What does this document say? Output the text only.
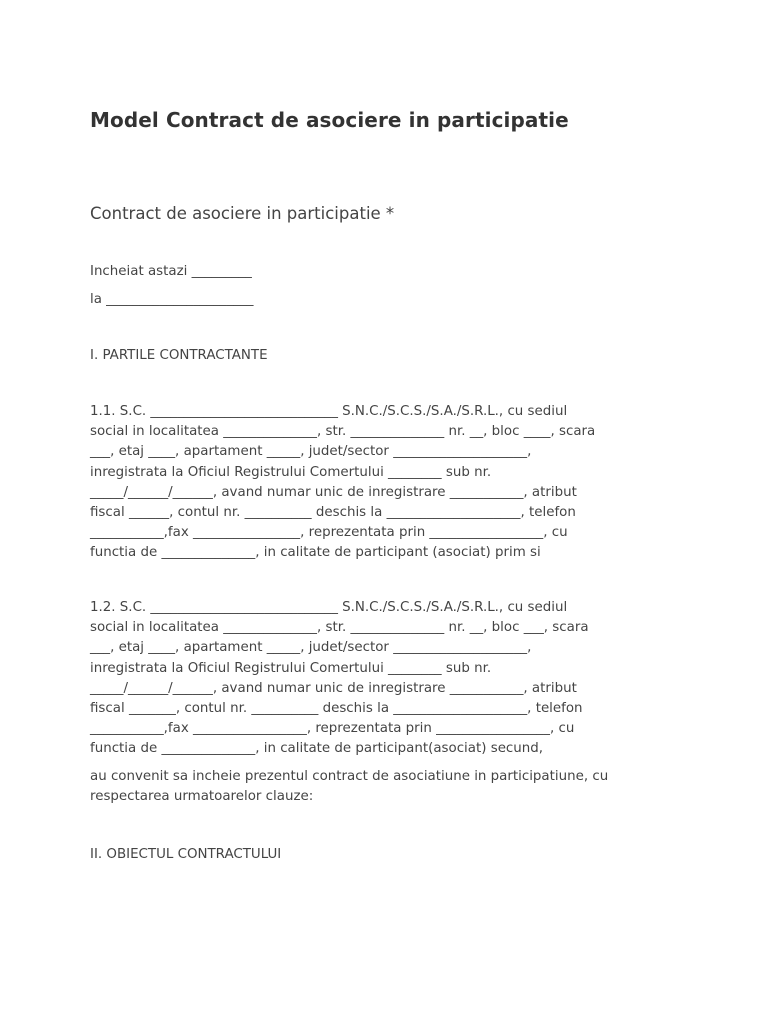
Model Contract de asociere in participatie
Contract de asociere in participatie *
Incheiat astazi _________
la ______________________
I. PARTILE CONTRACTANTE
1.1. S.C. ____________________________ S.N.C./S.C.S./S.A./S.R.L., cu sediul
social in localitatea ______________, str. ______________ nr. __, bloc ____, scara
___, etaj ____, apartament _____, judet/sector ____________________,
inregistrata la Oficiul Registrului Comertului ________ sub nr.
_____/______/______, avand numar unic de inregistrare ___________, atribut
fiscal ______, contul nr. __________ deschis la ____________________, telefon
___________,fax ________________, reprezentata prin _________________, cu
functia de ______________, in calitate de participant (asociat) prim si
1.2. S.C. ____________________________ S.N.C./S.C.S./S.A./S.R.L., cu sediul
social in localitatea ______________, str. ______________ nr. __, bloc ___, scara
___, etaj ____, apartament _____, judet/sector ____________________,
inregistrata la Oficiul Registrului Comertului ________ sub nr.
_____/______/______, avand numar unic de inregistrare ___________, atribut
fiscal _______, contul nr. __________ deschis la ____________________, telefon
___________,fax _________________, reprezentata prin _________________, cu
functia de ______________, in calitate de participant(asociat) secund,
au convenit sa incheie prezentul contract de asociatiune in participatiune, cu
respectarea urmatoarelor clauze:
II. OBIECTUL CONTRACTULUI
